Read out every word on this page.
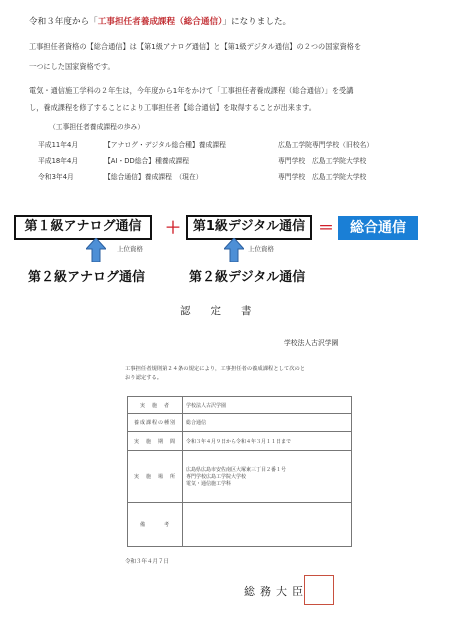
令和３年度から「工事担任者養成課程（総合通信）」になりました。
工事担任者資格の【総合通信】は【第1級アナログ通信】と【第1級デジタル通信】の２つの国家資格を
一つにした国家資格です。
電気・通信施工学科の２年生は，今年度から1年をかけて「工事担任者養成課程（総合通信）」を受講
し，養成課程を修了することにより工事担任者【総合通信】を取得することが出来ます。
（工事担任者養成課程の歩み）
平成11年4月	【アナログ・デジタル総合種】養成課程	広島工学院専門学校（旧校名）
平成18年4月	【AI・DD総合】種養成課程	専門学校　広島工学院大学校
令和3年4月	【総合通信】養成課程　（現在）	専門学校　広島工学院大学校
第１級アナログ通信	＋ 第1級デジタル通信 ＝	総合通信
上位資格	上位資格
第２級アナログ通信	第２級デジタル通信
認定書
学校法人古沢学園
工事担任者規則第２４条の規定により，工事担任者の養成課程として次のと
おり認定する。
実　施　者	学校法人古沢学園
養成課程の種別	総合通信
実　施　期　間	令和３年４月９日から令和４年３月１１日まで
実　施　場　所	広島県広島市安佐南区大塚東三丁目２番１号
専門学校広島工学院大学校
電気・通信施工学科

備　　　考	
令和３年４月７日
総務大臣
